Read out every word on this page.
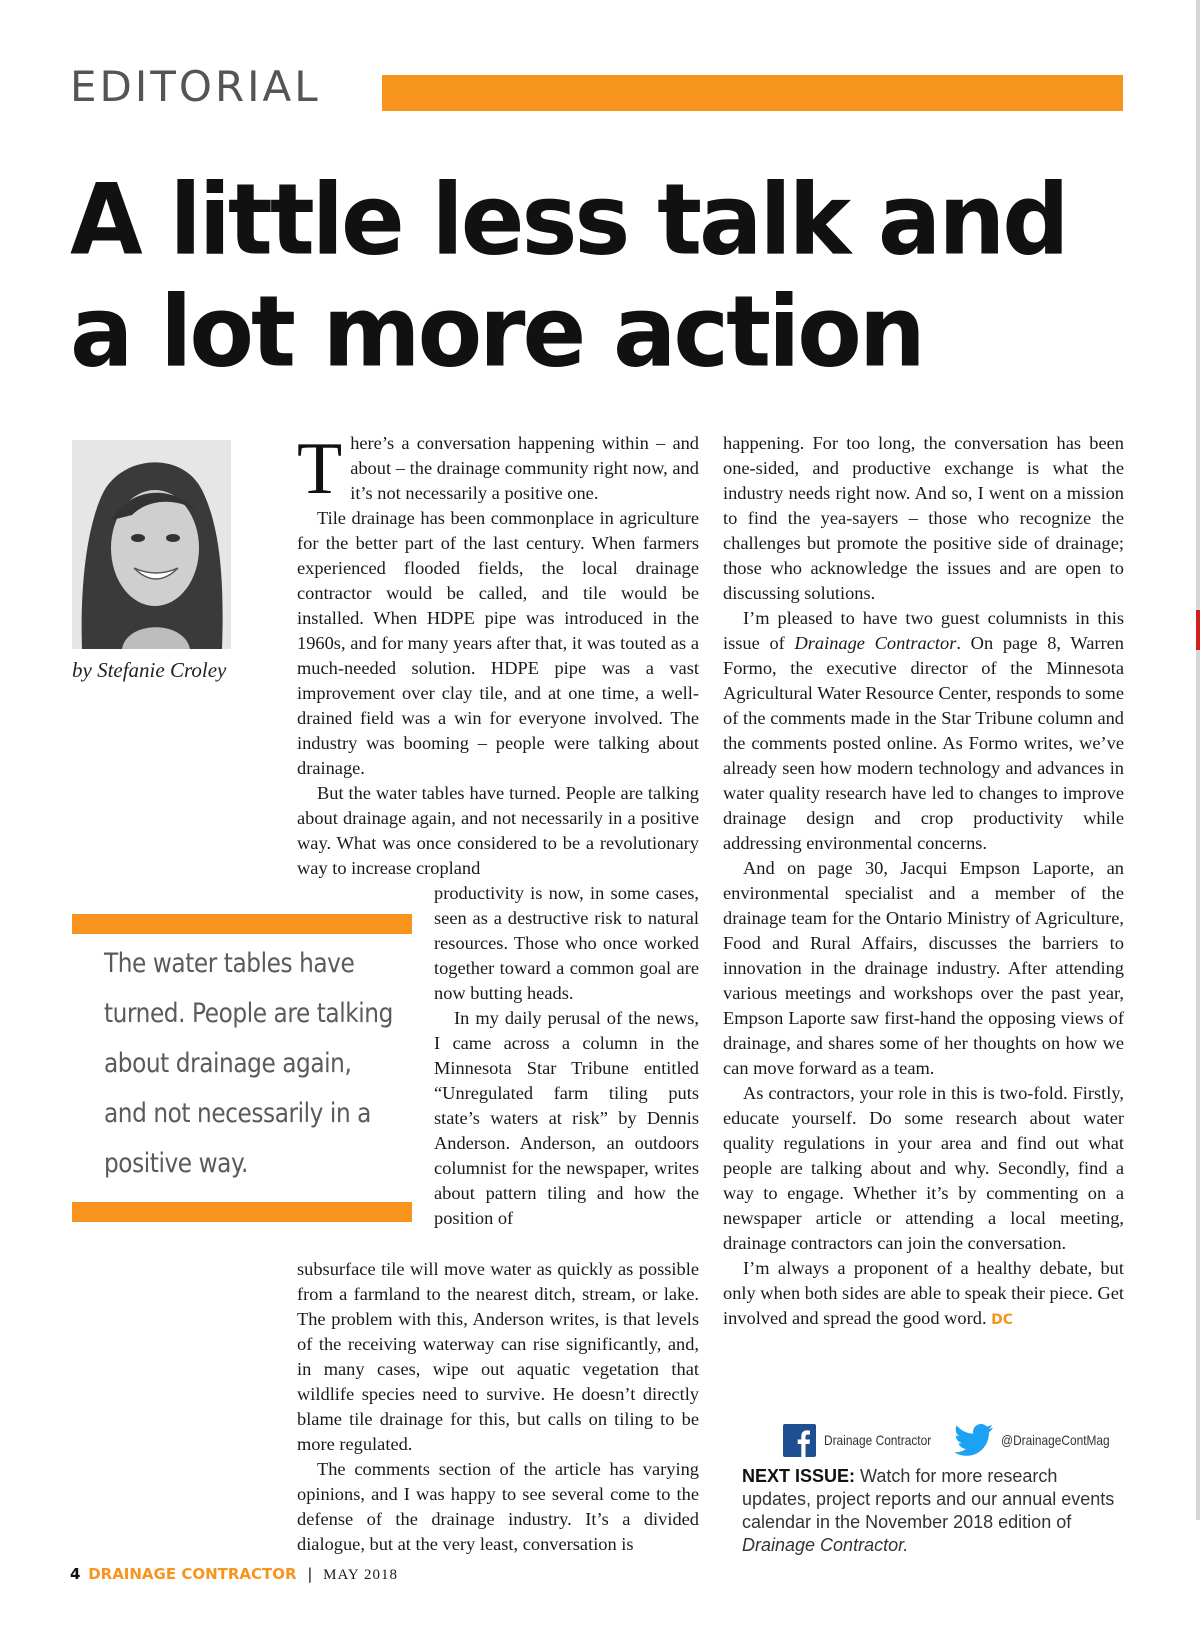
EDITORIAL
A little less talk and
a lot more action
by Stefanie Croley

There’s a conversation happening within – and about – the drainage community right now, and it’s not necessarily a positive one.

Tile drainage has been commonplace in agriculture for the better part of the last century. When farmers experienced flooded fields, the local drainage contractor would be called, and tile would be installed. When HDPE pipe was introduced in the 1960s, and for many years after that, it was touted as a much-needed solution. HDPE pipe was a vast improvement over clay tile, and at one time, a well-drained field was a win for everyone involved. The industry was booming – people were talking about drainage.

But the water tables have turned. People are talking about drainage again, and not necessarily in a positive way. What was once considered to be a revolutionary way to increase cropland

productivity is now, in some cases, seen as a destructive risk to natural resources. Those who once worked together toward a common goal are now butting heads.

In my daily perusal of the news, I came across a column in the Minnesota Star Tribune entitled “Unregulated farm tiling puts state’s waters at risk” by Dennis Anderson. Anderson, an outdoors columnist for the newspaper, writes about pattern tiling and how the position of

subsurface tile will move water as quickly as possible from a farmland to the nearest ditch, stream, or lake. The problem with this, Anderson writes, is that levels of the receiving waterway can rise significantly, and, in many cases, wipe out aquatic vegetation that wildlife species need to survive. He doesn’t directly blame tile drainage for this, but calls on tiling to be more regulated.

The comments section of the article has varying opinions, and I was happy to see several come to the defense of the drainage industry. It’s a divided dialogue, but at the very least, conversation is

happening. For too long, the conversation has been one-sided, and productive exchange is what the industry needs right now. And so, I went on a mission to find the yea-sayers – those who recognize the challenges but promote the positive side of drainage; those who acknowledge the issues and are open to discussing solutions.

I’m pleased to have two guest columnists in this issue of Drainage Contractor. On page 8, Warren Formo, the executive director of the Minnesota Agricultural Water Resource Center, responds to some of the comments made in the Star Tribune column and the comments posted online. As Formo writes, we’ve already seen how modern technology and advances in water quality research have led to changes to improve drainage design and crop productivity while addressing environmental concerns.

And on page 30, Jacqui Empson Laporte, an environmental specialist and a member of the drainage team for the Ontario Ministry of Agriculture, Food and Rural Affairs, discusses the barriers to innovation in the drainage industry. After attending various meetings and workshops over the past year, Empson Laporte saw first-hand the opposing views of drainage, and shares some of her thoughts on how we can move forward as a team.

As contractors, your role in this is two-fold. Firstly, educate yourself. Do some research about water quality regulations in your area and find out what people are talking about and why. Secondly, find a way to engage. Whether it’s by commenting on a newspaper article or attending a local meeting, drainage contractors can join the conversation.

I’m always a proponent of a healthy debate, but only when both sides are able to speak their piece. Get involved and spread the good word. DC

The water tables have turned. People are talking about drainage again, and not necessarily in a positive way.
Drainage Contractor	@DrainageContMag
NEXT ISSUE: Watch for more research updates, project reports and our annual events calendar in the November 2018 edition of Drainage Contractor.
4 DRAINAGE CONTRACTOR | MAY 2018
